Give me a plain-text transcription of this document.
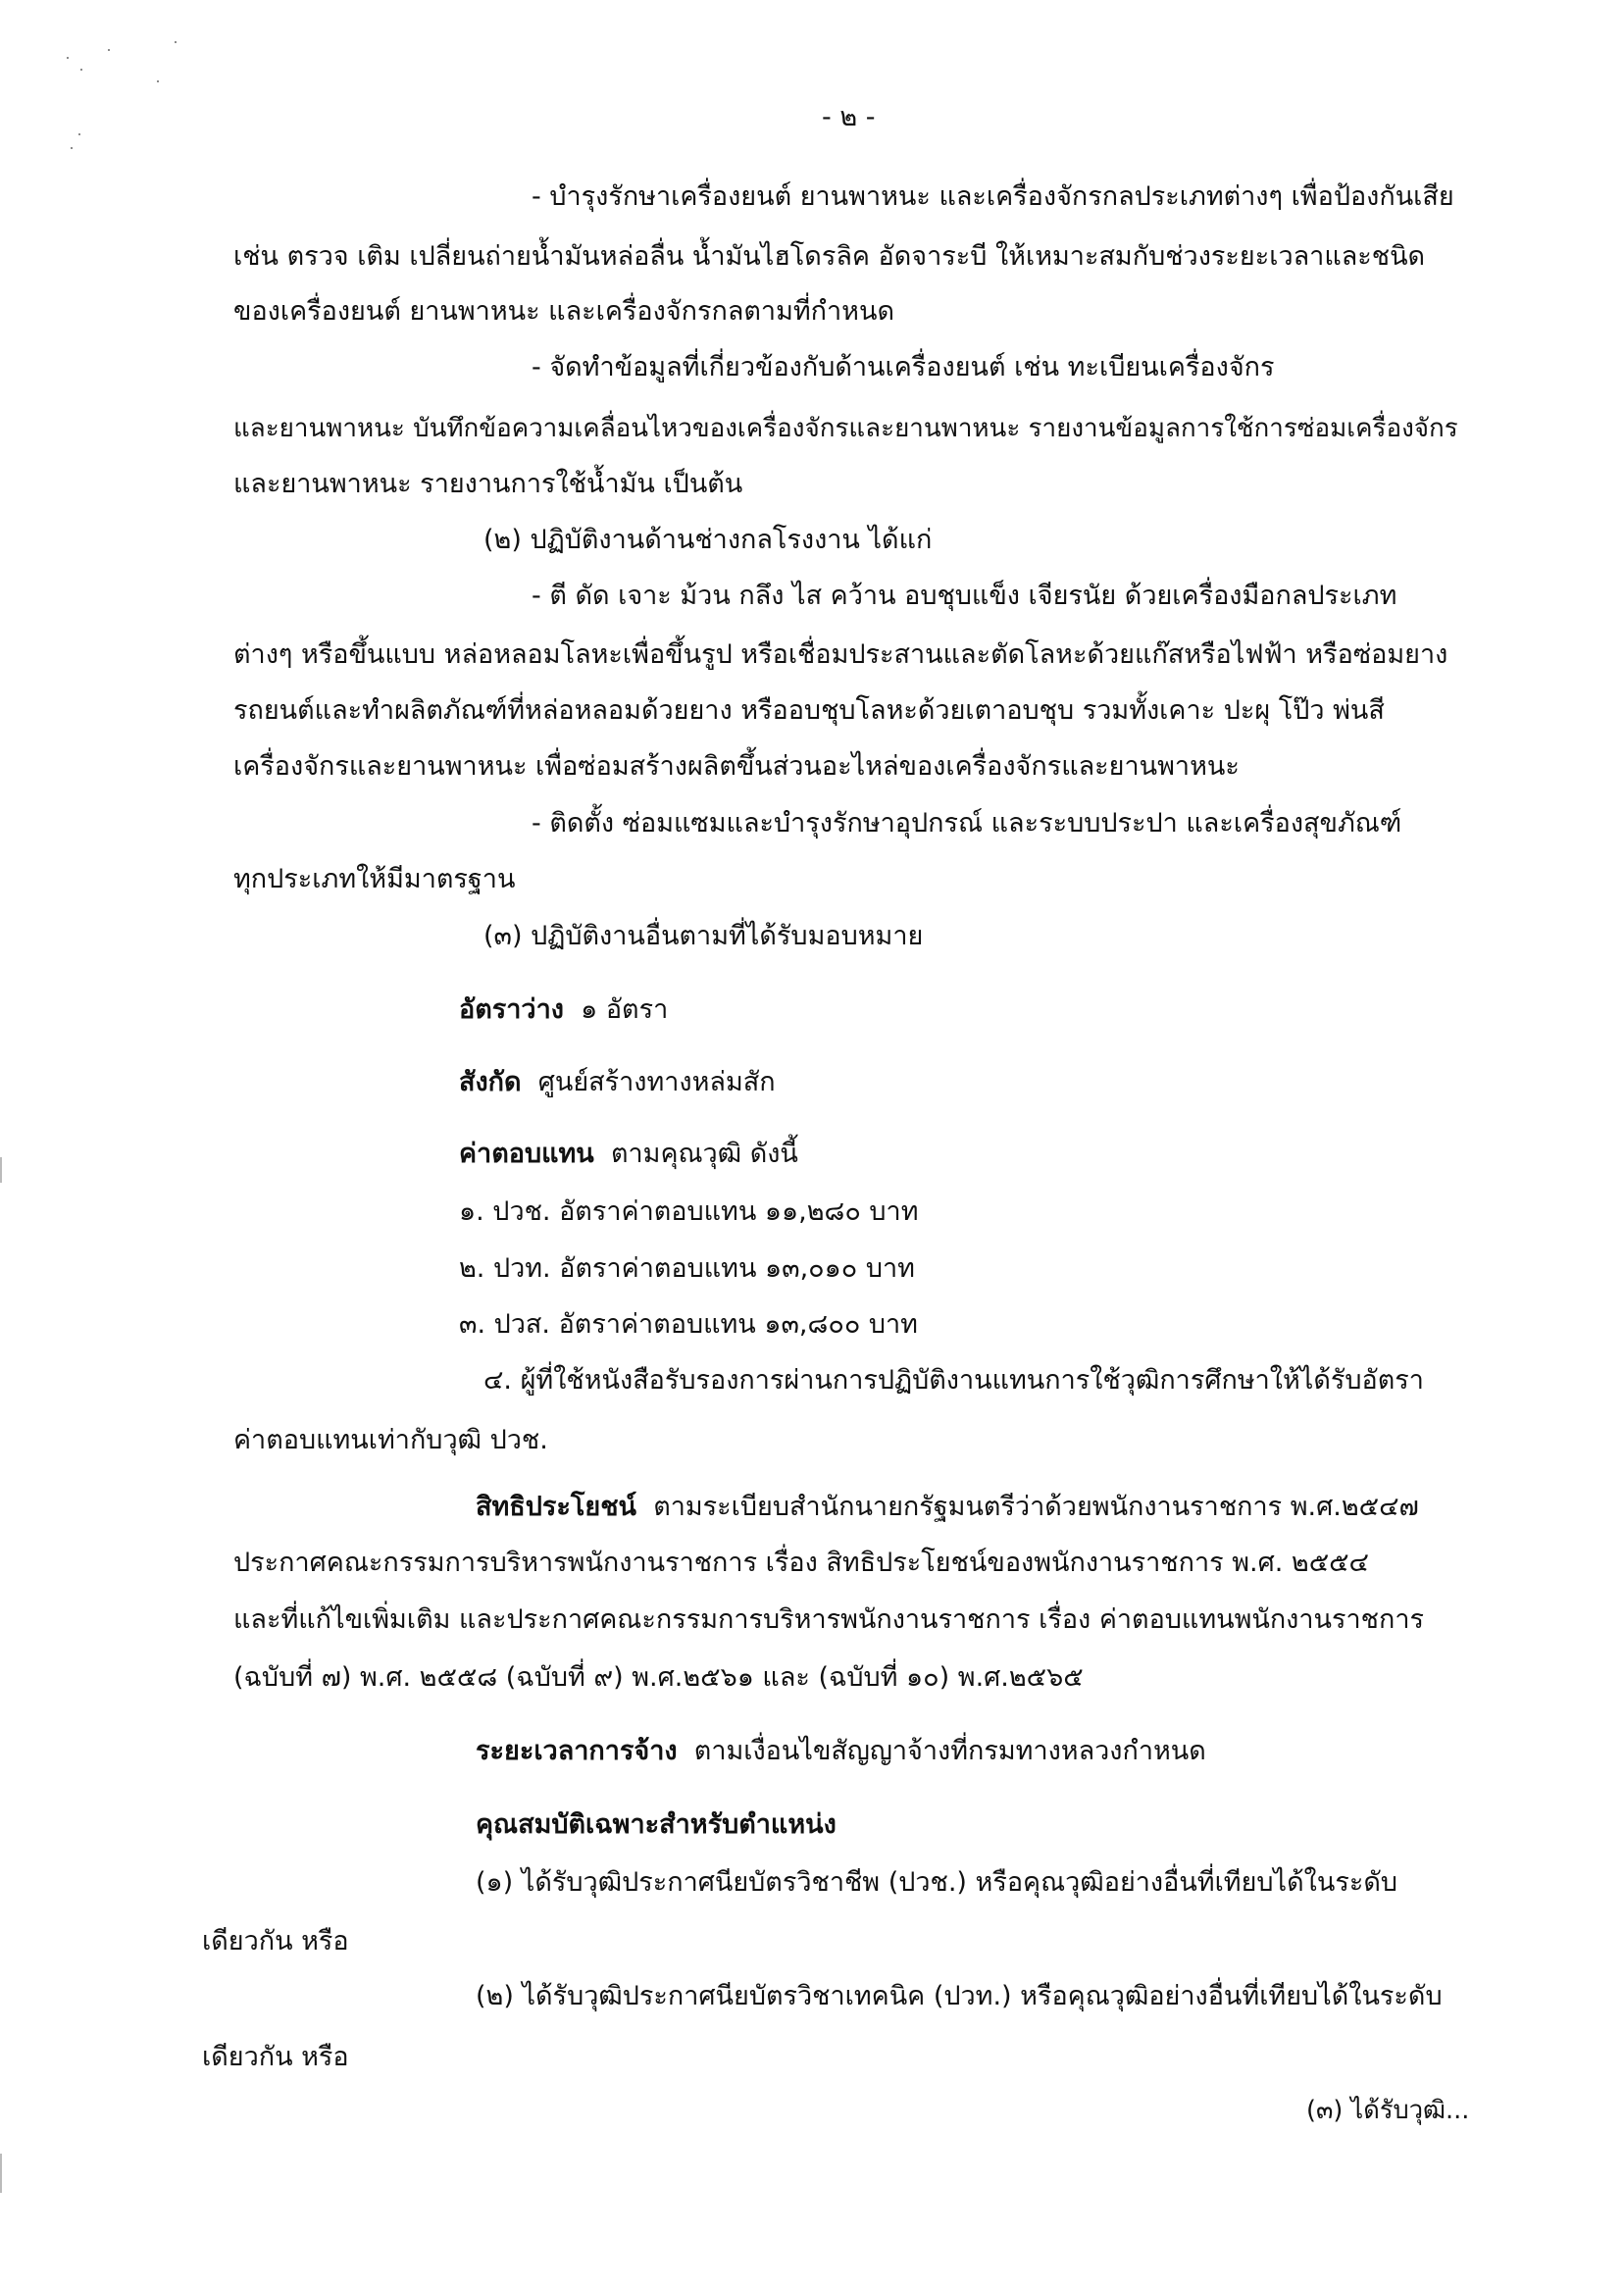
- ๒ -
- บำรุงรักษาเครื่องยนต์ ยานพาหนะ และเครื่องจักรกลประเภทต่างๆ เพื่อป้องกันเสีย
เช่น ตรวจ เติม เปลี่ยนถ่ายน้ำมันหล่อลื่น น้ำมันไฮโดรลิค อัดจาระบี ให้เหมาะสมกับช่วงระยะเวลาและชนิด
ของเครื่องยนต์ ยานพาหนะ และเครื่องจักรกลตามที่กำหนด
- จัดทำข้อมูลที่เกี่ยวข้องกับด้านเครื่องยนต์ เช่น ทะเบียนเครื่องจักร
และยานพาหนะ บันทึกข้อความเคลื่อนไหวของเครื่องจักรและยานพาหนะ รายงานข้อมูลการใช้การซ่อมเครื่องจักร
และยานพาหนะ รายงานการใช้น้ำมัน เป็นต้น
(๒) ปฏิบัติงานด้านช่างกลโรงงาน ได้แก่
- ตี ดัด เจาะ ม้วน กลึง ไส คว้าน อบชุบแข็ง เจียรนัย ด้วยเครื่องมือกลประเภท
ต่างๆ หรือขึ้นแบบ หล่อหลอมโลหะเพื่อขึ้นรูป หรือเชื่อมประสานและตัดโลหะด้วยแก๊สหรือไฟฟ้า หรือซ่อมยาง
รถยนต์และทำผลิตภัณฑ์ที่หล่อหลอมด้วยยาง หรืออบชุบโลหะด้วยเตาอบชุบ รวมทั้งเคาะ ปะผุ โป๊ว พ่นสี
เครื่องจักรและยานพาหนะ เพื่อซ่อมสร้างผลิตขึ้นส่วนอะไหล่ของเครื่องจักรและยานพาหนะ
- ติดตั้ง ซ่อมแซมและบำรุงรักษาอุปกรณ์ และระบบประปา และเครื่องสุขภัณฑ์
ทุกประเภทให้มีมาตรฐาน
(๓) ปฏิบัติงานอื่นตามที่ได้รับมอบหมาย
อัตราว่าง ๑ อัตรา
สังกัด ศูนย์สร้างทางหล่มสัก
ค่าตอบแทน ตามคุณวุฒิ ดังนี้
๑. ปวช. อัตราค่าตอบแทน ๑๑,๒๘๐ บาท
๒. ปวท. อัตราค่าตอบแทน ๑๓,๐๑๐ บาท
๓. ปวส. อัตราค่าตอบแทน ๑๓,๘๐๐ บาท
๔. ผู้ที่ใช้หนังสือรับรองการผ่านการปฏิบัติงานแทนการใช้วุฒิการศึกษาให้ได้รับอัตรา
ค่าตอบแทนเท่ากับวุฒิ ปวช.
สิทธิประโยชน์ ตามระเบียบสำนักนายกรัฐมนตรีว่าด้วยพนักงานราชการ พ.ศ.๒๕๔๗
ประกาศคณะกรรมการบริหารพนักงานราชการ เรื่อง สิทธิประโยชน์ของพนักงานราชการ พ.ศ. ๒๕๕๔
และที่แก้ไขเพิ่มเติม และประกาศคณะกรรมการบริหารพนักงานราชการ เรื่อง ค่าตอบแทนพนักงานราชการ
(ฉบับที่ ๗) พ.ศ. ๒๕๕๘ (ฉบับที่ ๙) พ.ศ.๒๕๖๑ และ (ฉบับที่ ๑๐) พ.ศ.๒๕๖๕
ระยะเวลาการจ้าง ตามเงื่อนไขสัญญาจ้างที่กรมทางหลวงกำหนด
คุณสมบัติเฉพาะสำหรับตำแหน่ง
(๑) ได้รับวุฒิประกาศนียบัตรวิชาชีพ (ปวช.) หรือคุณวุฒิอย่างอื่นที่เทียบได้ในระดับ
เดียวกัน หรือ
(๒) ได้รับวุฒิประกาศนียบัตรวิชาเทคนิค (ปวท.) หรือคุณวุฒิอย่างอื่นที่เทียบได้ในระดับ
เดียวกัน หรือ
(๓) ได้รับวุฒิ...
